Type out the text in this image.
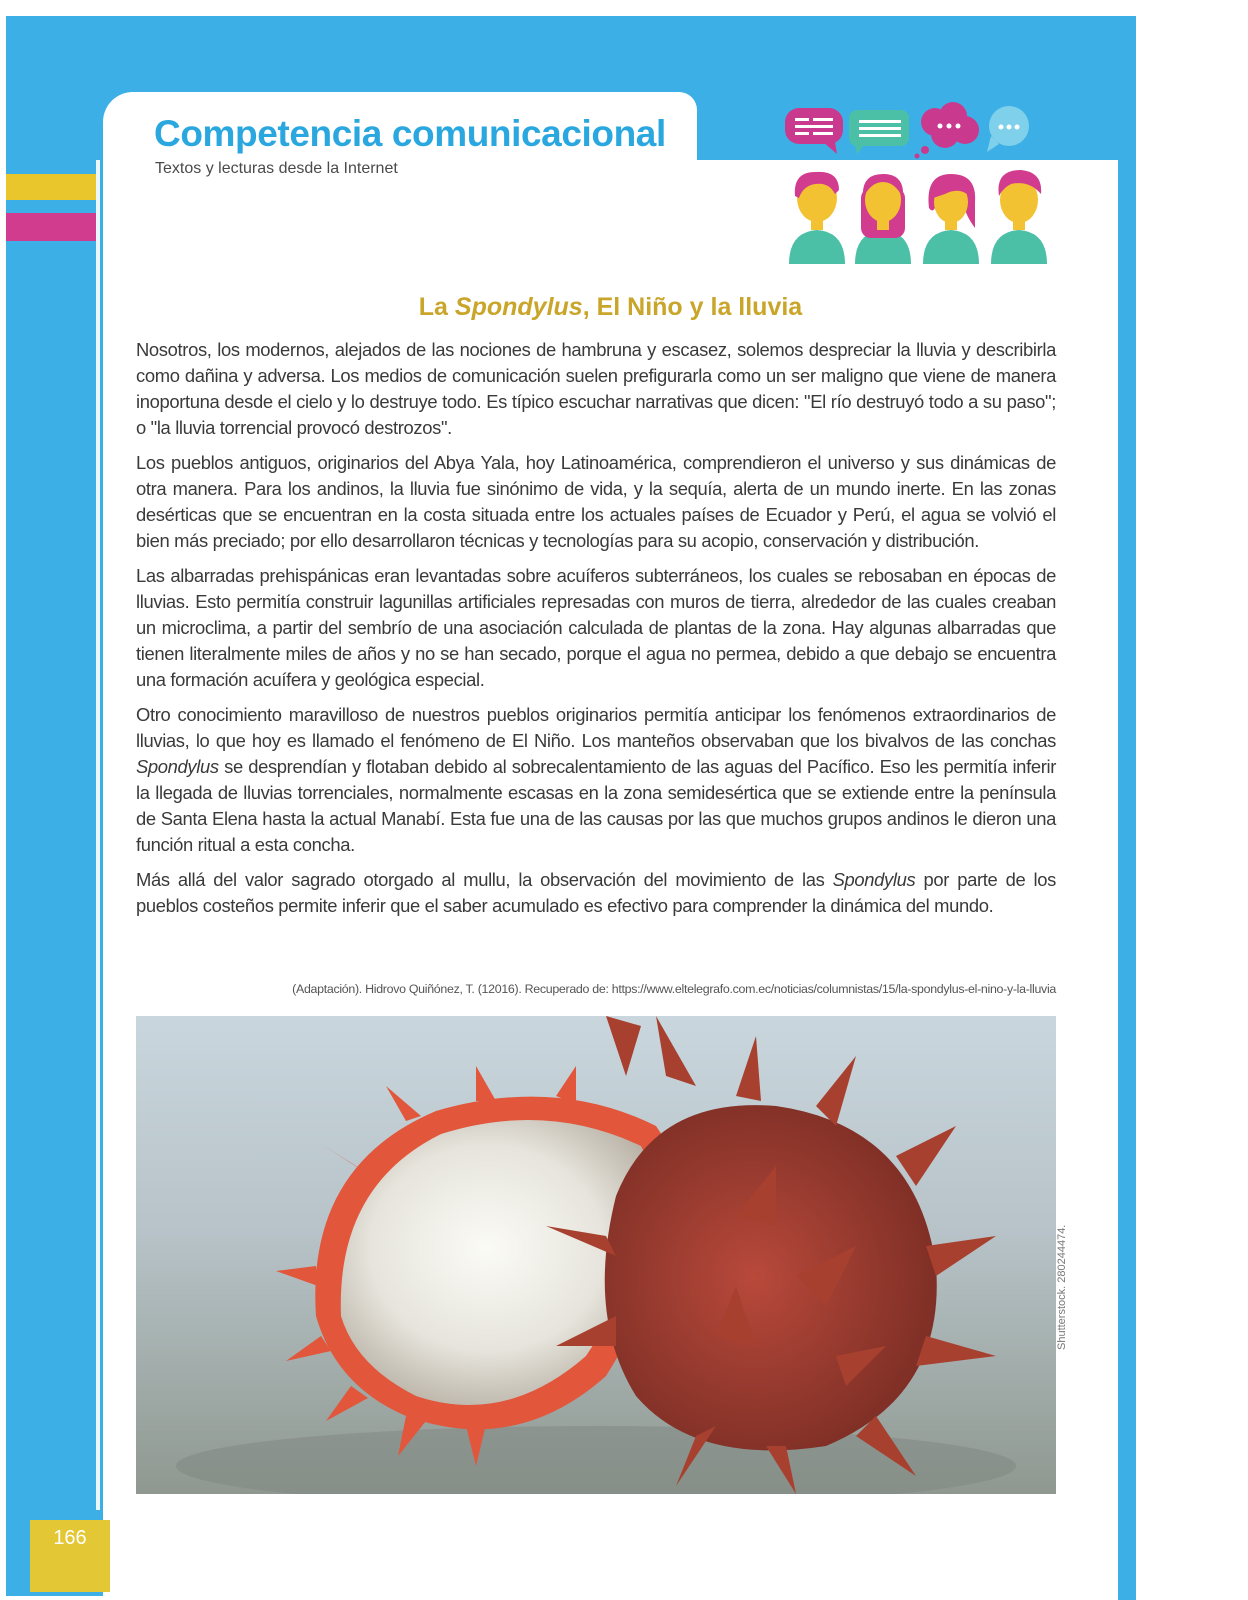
Competencia comunicacional
Textos y lecturas desde la Internet
La Spondylus, El Niño y la lluvia

Nosotros, los modernos, alejados de las nociones de hambruna y escasez, solemos despreciar la lluvia y describirla como dañina y adversa. Los medios de comunicación suelen prefigurarla como un ser maligno que viene de manera inoportuna desde el cielo y lo destruye todo. Es típico escuchar narrativas que dicen: "El río destruyó todo a su paso"; o "la lluvia torrencial provocó destrozos".

Los pueblos antiguos, originarios del Abya Yala, hoy Latinoamérica, comprendieron el universo y sus dinámicas de otra manera. Para los andinos, la lluvia fue sinónimo de vida, y la sequía, alerta de un mundo inerte. En las zonas desérticas que se encuentran en la costa situada entre los actuales países de Ecuador y Perú, el agua se volvió el bien más preciado; por ello desarrollaron técnicas y tecnologías para su acopio, conservación y distribución.

Las albarradas prehispánicas eran levantadas sobre acuíferos subterráneos, los cuales se rebosaban en épocas de lluvias. Esto permitía construir lagunillas artificiales represadas con muros de tierra, alrededor de las cuales creaban un microclima, a partir del sembrío de una asociación calculada de plantas de la zona. Hay algunas albarradas que tienen literalmente miles de años y no se han secado, porque el agua no permea, debido a que debajo se encuentra una formación acuífera y geológica especial.

Otro conocimiento maravilloso de nuestros pueblos originarios permitía anticipar los fenómenos extraordinarios de lluvias, lo que hoy es llamado el fenómeno de El Niño. Los manteños observaban que los bivalvos de las conchas Spondylus se desprendían y flotaban debido al sobrecalentamiento de las aguas del Pacífico. Eso les permitía inferir la llegada de lluvias torrenciales, normalmente escasas en la zona semidesértica que se extiende entre la península de Santa Elena hasta la actual Manabí. Esta fue una de las causas por las que muchos grupos andinos le dieron una función ritual a esta concha.

Más allá del valor sagrado otorgado al mullu, la observación del movimiento de las Spondylus por parte de los pueblos costeños permite inferir que el saber acumulado es efectivo para comprender la dinámica del mundo.

(Adaptación). Hidrovo Quiñónez, T. (12016). Recuperado de: https://www.eltelegrafo.com.ec/noticias/columnistas/15/la-spondylus-el-nino-y-la-lluvia
Shutterstock. 280244474.
166
